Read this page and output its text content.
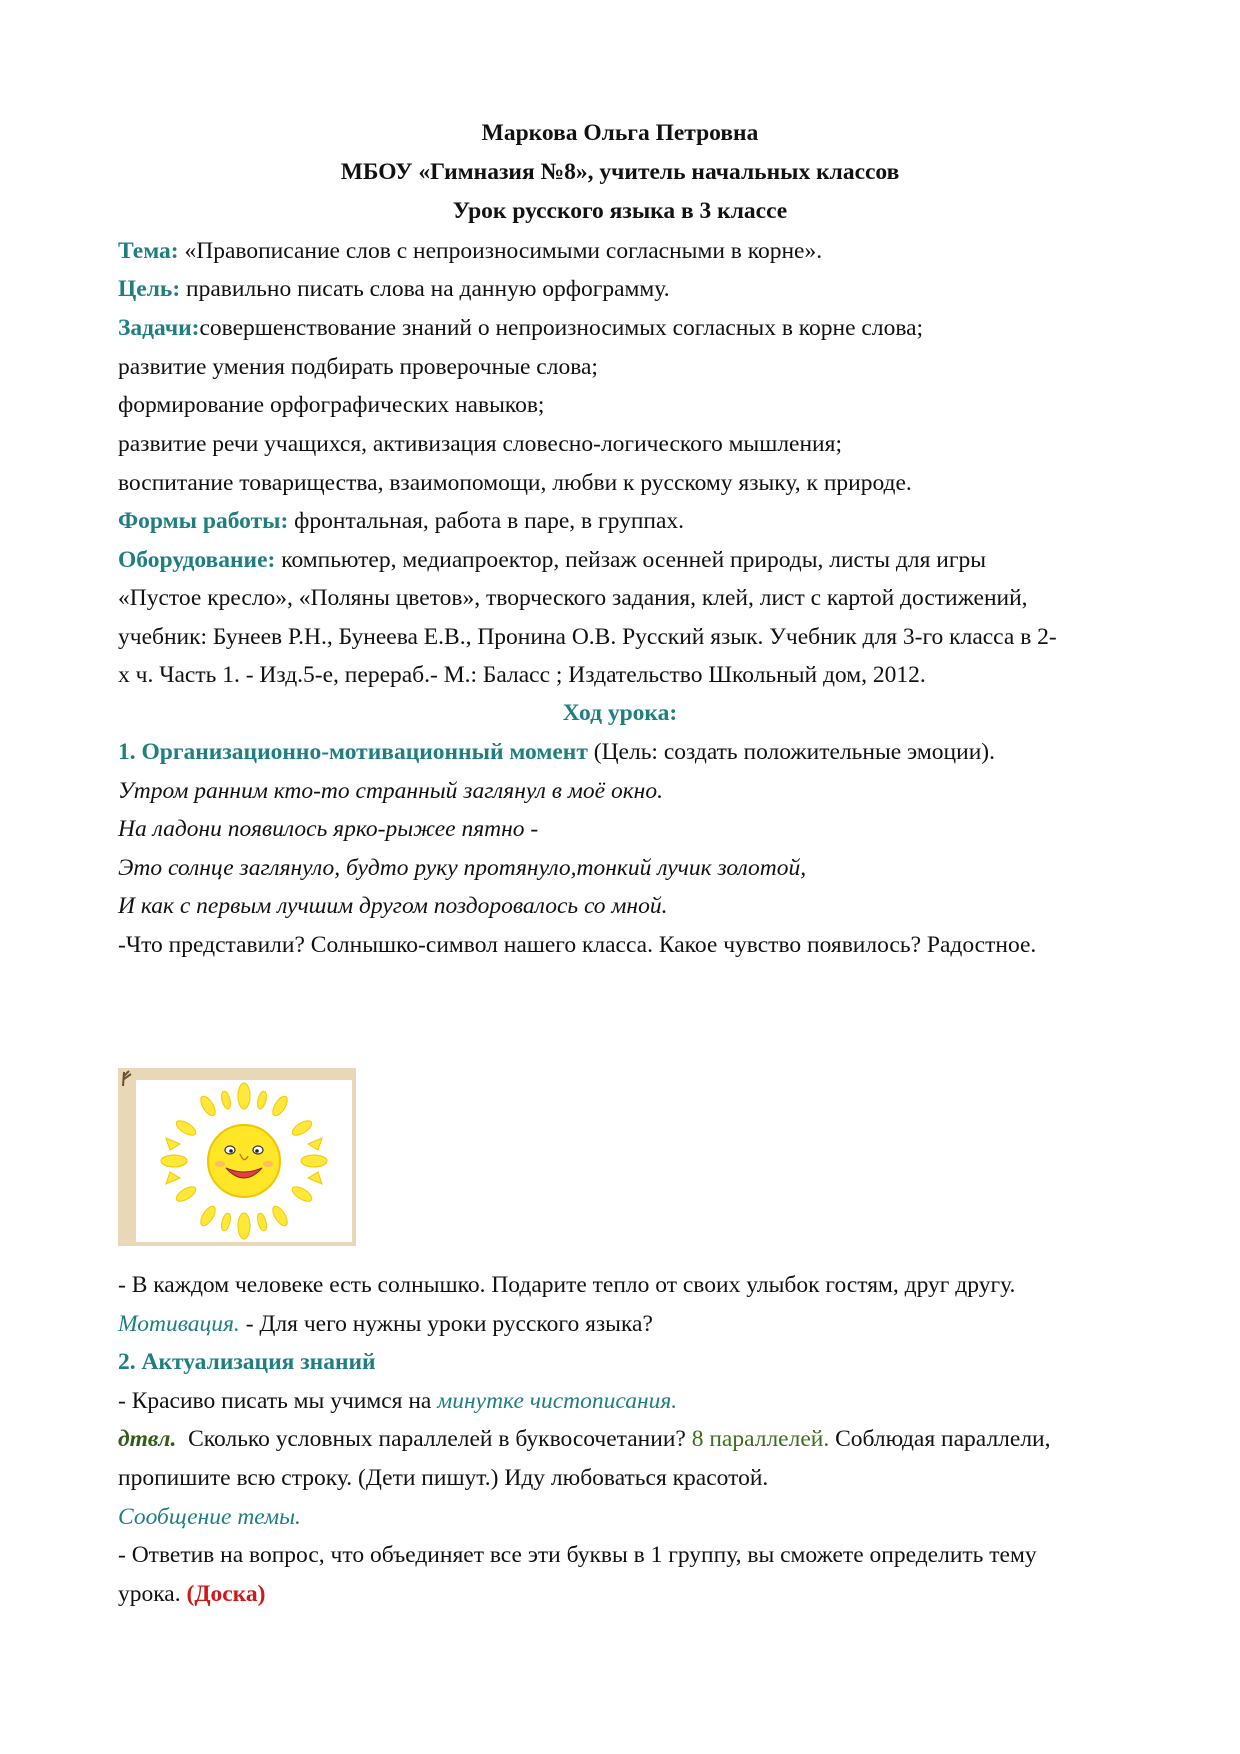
Маркова Ольга Петровна
МБОУ «Гимназия №8», учитель начальных классов
Урок русского языка в 3 классе
Тема: «Правописание слов с непроизносимыми согласными в корне».
Цель: правильно писать слова на данную орфограмму.
Задачи:совершенствование знаний о непроизносимых согласных в корне слова;
развитие умения подбирать проверочные слова;
формирование орфографических навыков;
развитие речи учащихся, активизация словесно-логического мышления;
воспитание товарищества, взаимопомощи, любви к русскому языку, к природе.
Формы работы: фронтальная, работа в паре, в группах.
Оборудование: компьютер, медиапроектор, пейзаж осенней природы, листы для игры
«Пустое кресло», «Поляны цветов», творческого задания, клей, лист с картой достижений,
учебник: Бунеев Р.Н., Бунеева Е.В., Пронина О.В. Русский язык. Учебник для 3-го класса в 2-
х ч. Часть 1. - Изд.5-е, перераб.- М.: Баласс ; Издательство Школьный дом, 2012.
Ход урока:
1. Организационно-мотивационный момент (Цель: создать положительные эмоции).
Утром ранним кто-то странный заглянул в моё окно.
На ладони появилось ярко-рыжее пятно -
Это солнце заглянуло, будто руку протянуло,тонкий лучик золотой,
И как с первым лучшим другом поздоровалось со мной.
-Что представили? Солнышко-символ нашего класса. Какое чувство появилось? Радостное.
- В каждом человеке есть солнышко. Подарите тепло от своих улыбок гостям, друг другу.
Мотивация. - Для чего нужны уроки русского языка?
2. Актуализация знаний
- Красиво писать мы учимся на минутке чистописания.
дтвл.  Сколько условных параллелей в буквосочетании? 8 параллелей. Соблюдая параллели,
пропишите всю строку. (Дети пишут.) Иду любоваться красотой.
Сообщение темы.
- Ответив на вопрос, что объединяет все эти буквы в 1 группу, вы сможете определить тему
урока. (Доска)
